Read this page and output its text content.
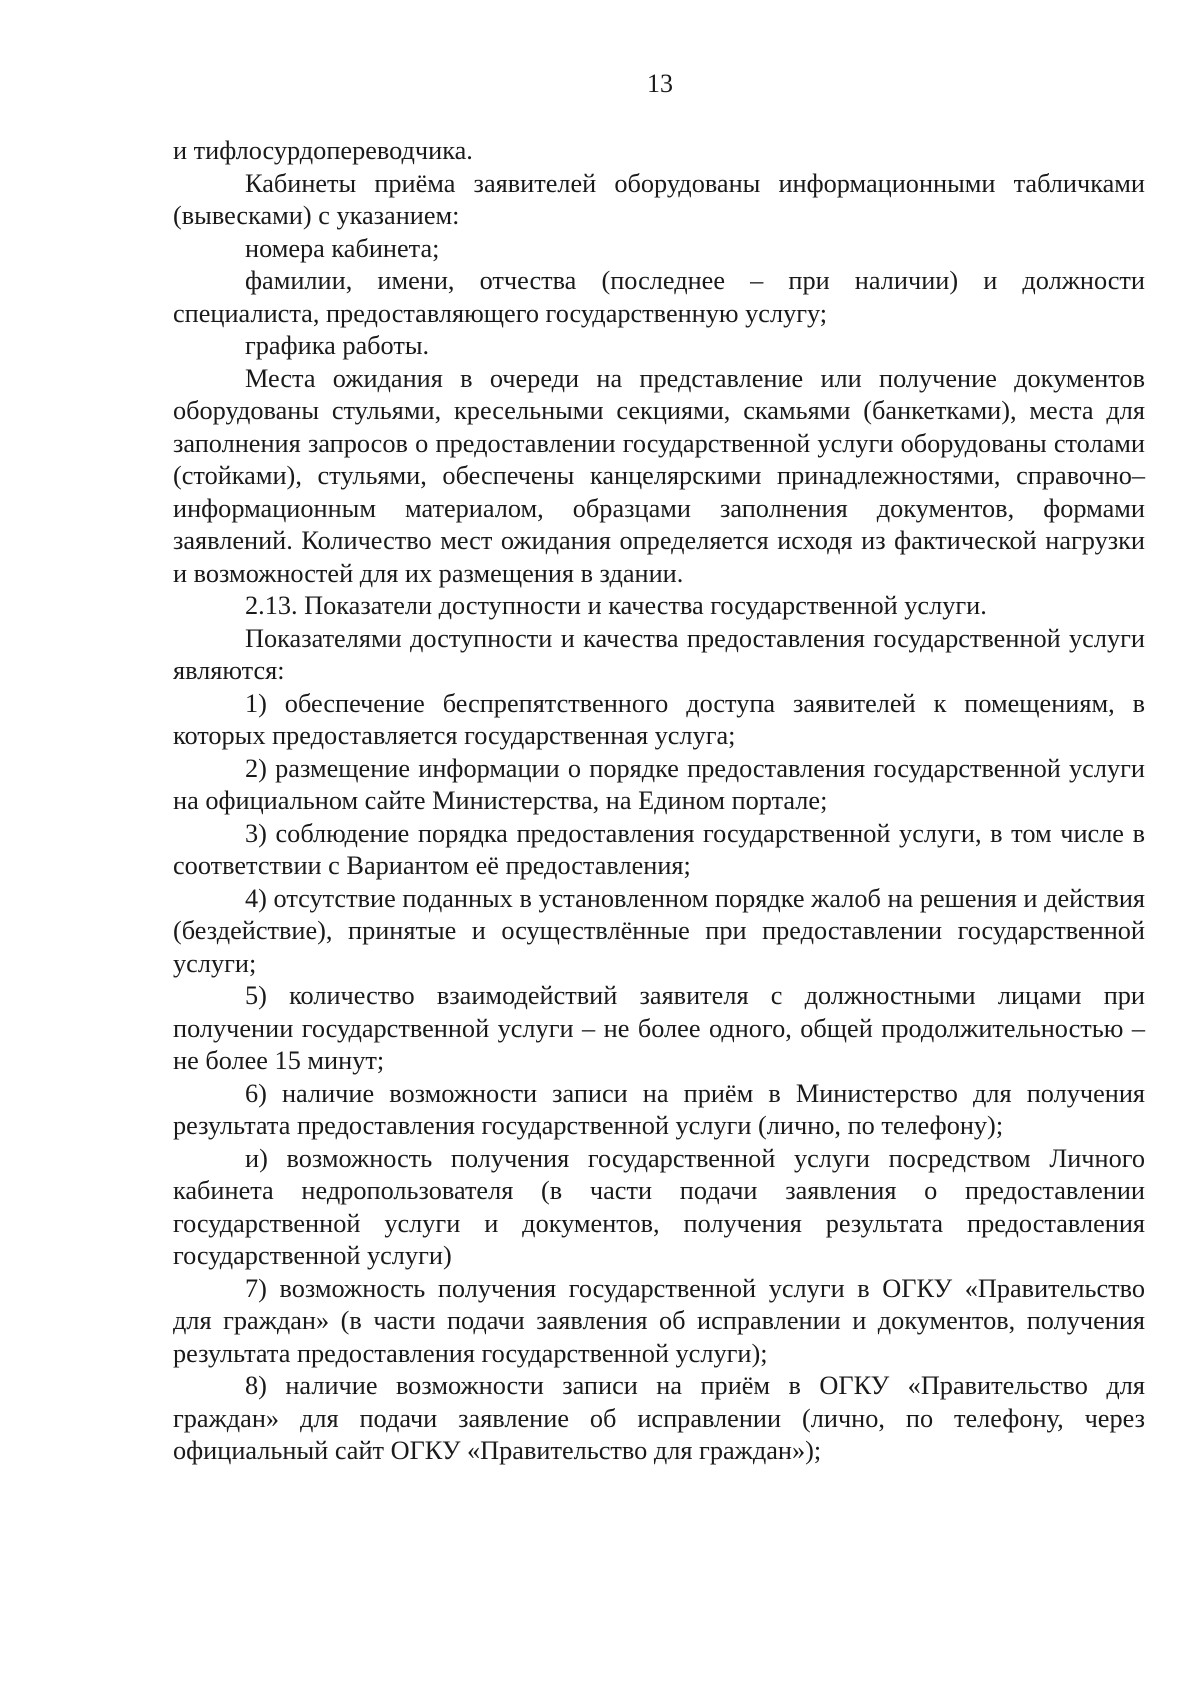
13

и тифлосурдопереводчика.

Кабинеты приёма заявителей оборудованы информационными табличками (вывесками) с указанием:

номера кабинета;

фамилии, имени, отчества (последнее – при наличии) и должности специалиста, предоставляющего государственную услугу;

графика работы.

Места ожидания в очереди на представление или получение документов оборудованы стульями, кресельными секциями, скамьями (банкетками), места для заполнения запросов о предоставлении государственной услуги оборудованы столами (стойками), стульями, обеспечены канцелярскими принадлежностями, справочно–информационным материалом, образцами заполнения документов, формами заявлений. Количество мест ожидания определяется исходя из фактической нагрузки и возможностей для их размещения в здании.

2.13. Показатели доступности и качества государственной услуги.

Показателями доступности и качества предоставления государственной услуги являются:

1) обеспечение беспрепятственного доступа заявителей к помещениям, в которых предоставляется государственная услуга;

2) размещение информации о порядке предоставления государственной услуги на официальном сайте Министерства, на Едином портале;

3) соблюдение порядка предоставления государственной услуги, в том числе в соответствии с Вариантом её предоставления;

4) отсутствие поданных в установленном порядке жалоб на решения и действия (бездействие), принятые и осуществлённые при предоставлении государственной услуги;

5) количество взаимодействий заявителя с должностными лицами при получении государственной услуги – не более одного, общей продолжительностью – не более 15 минут;

6) наличие возможности записи на приём в Министерство для получения результата предоставления государственной услуги (лично, по телефону);

и) возможность получения государственной услуги посредством Личного кабинета недропользователя (в части подачи заявления о предоставлении государственной услуги и документов, получения результата предоставления государственной услуги)

7) возможность получения государственной услуги в ОГКУ «Правительство для граждан» (в части подачи заявления об исправлении и документов, получения результата предоставления государственной услуги);

8) наличие возможности записи на приём в ОГКУ «Правительство для граждан» для подачи заявление об исправлении (лично, по телефону, через официальный сайт ОГКУ «Правительство для граждан»);
